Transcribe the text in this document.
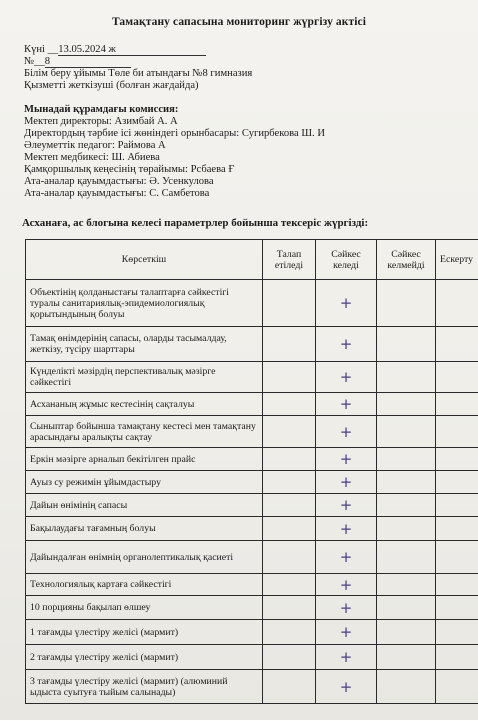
Тамақтану сапасына мониторинг жүргізу актісі
Күні __13.05.2024 ж
№__8
Білім беру ұйымы Төле би атындағы №8 гимназия
Қызметті жеткізуші (болған жағдайда)
Мынадай құрамдағы комиссия:
Мектеп директоры: Азимбай А. А
Директордың тәрбие ісі жөніндегі орынбасары: Сугирбекова Ш. И
Әлеуметтік педагог: Раймова А
Мектеп медбикесі: Ш. Абиева
Қамқоршылық кеңесінің төрайымы: Рсбаева Ғ
Ата-аналар қауымдастығы: Ә. Усенкулова
Ата-аналар қауымдастығы: С. Самбетова
Асханаға, ас блогына келесі параметрлер бойынша тексеріс жүргізді:
Көрсеткіш	Талап етіледі	Сәйкес келеді	Сәйкес келмейді	Ескерту
Объектінің қолданыстағы талаптарға сәйкестігі туралы санитариялық-эпидемиологиялық қорытындының болуы		+		
Тамақ өнімдерінің сапасы, оларды тасымалдау, жеткізу, түсіру шарттары		+		
Күнделікті мәзірдің перспективалық мәзірге сәйкестігі		+		
Асхананың жұмыс кестесінің сақталуы		+		
Сыныптар бойынша тамақтану кестесі мен тамақтану арасындағы аралықты сақтау		+		
Еркін мәзірге арналып бекітілген прайс		+		
Ауыз су режимін ұйымдастыру		+		
Дайын өнімінің сапасы		+		
Бақылаудағы тағамның болуы		+		
Дайындалған өнімнің органолептикалық қасиеті		+		
Технологиялық картаға сәйкестігі		+		
10 порцияны бақылап өлшеу		+		
1 тағамды үлестіру желісі (мармит)		+		
2 тағамды үлестіру желісі (мармит)		+		
3 тағамды үлестіру желісі (мармит) (алюминий ыдыста суытуға тыйым салынады)		+		
